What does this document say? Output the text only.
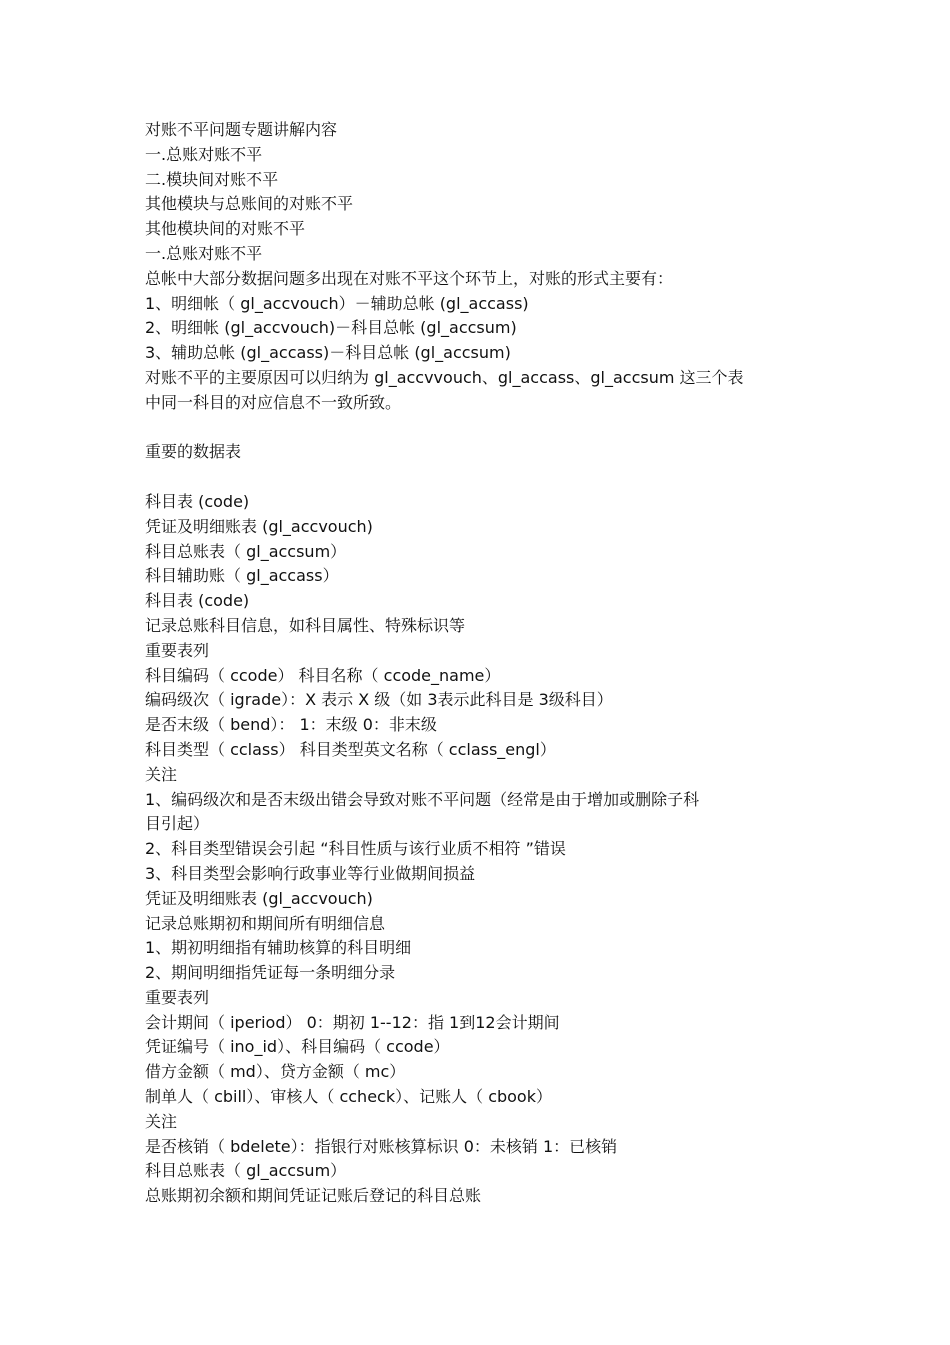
对账不平问题专题讲解内容

一.总账对账不平

二.模块间对账不平

其他模块与总账间的对账不平

其他模块间的对账不平

一.总账对账不平

总帐中大部分数据问题多出现在对账不平这个环节上，对账的形式主要有：

1、明细帐（ gl_accvouch）－辅助总帐 (gl_accass)

2、明细帐 (gl_accvouch)－科目总帐 (gl_accsum)

3、辅助总帐 (gl_accass)－科目总帐 (gl_accsum)

对账不平的主要原因可以归纳为 gl_accvvouch、gl_accass、gl_accsum 这三个表

中同一科目的对应信息不一致所致。

重要的数据表

科目表 (code)

凭证及明细账表 (gl_accvouch)

科目总账表（ gl_accsum）

科目辅助账（ gl_accass）

科目表 (code)

记录总账科目信息，如科目属性、特殊标识等

重要表列

科目编码（ ccode） 科目名称（ ccode_name）

编码级次（ igrade）：X 表示 X 级（如 3表示此科目是 3级科目）

是否末级（ bend）： 1：末级 0：非末级

科目类型（ cclass） 科目类型英文名称（ cclass_engl）

关注

1、编码级次和是否末级出错会导致对账不平问题（经常是由于增加或删除子科

目引起）

2、科目类型错误会引起 “科目性质与该行业质不相符 ”错误

3、科目类型会影响行政事业等行业做期间损益

凭证及明细账表 (gl_accvouch)

记录总账期初和期间所有明细信息

1、期初明细指有辅助核算的科目明细

2、期间明细指凭证每一条明细分录

重要表列

会计期间（ iperiod） 0：期初 1--12：指 1到12会计期间

凭证编号（ ino_id）、科目编码（ ccode）

借方金额（ md）、贷方金额（ mc）

制单人（ cbill）、审核人（ ccheck）、记账人（ cbook）

关注

是否核销（ bdelete）：指银行对账核算标识 0：未核销 1：已核销

科目总账表（ gl_accsum）

总账期初余额和期间凭证记账后登记的科目总账
